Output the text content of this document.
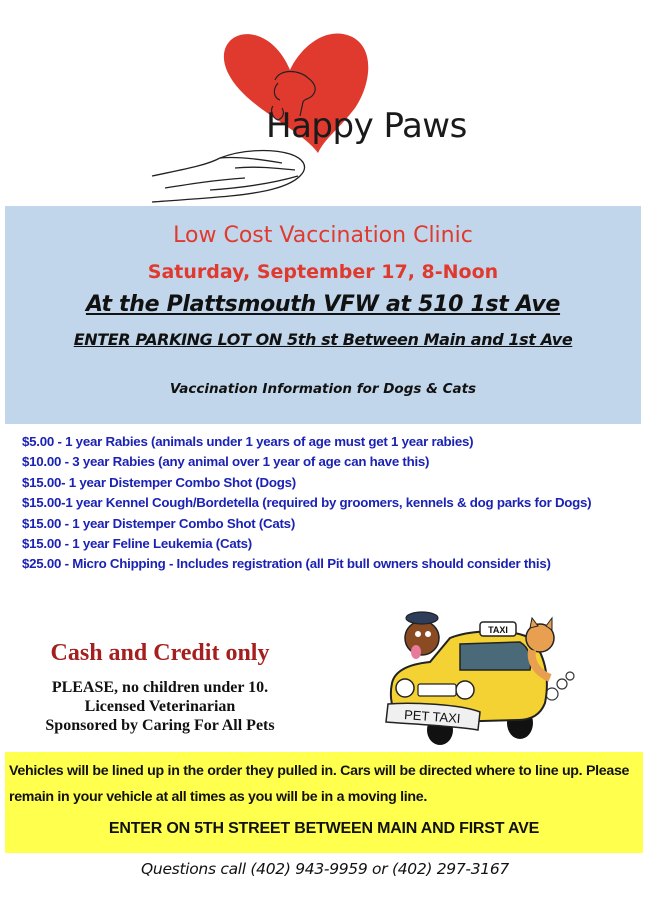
Happy Paws
Low Cost Vaccination Clinic
Saturday, September 17, 8-Noon
At the Plattsmouth VFW at 510 1st Ave
ENTER PARKING LOT ON 5th st Between Main and 1st Ave
Vaccination Information for Dogs & Cats
$5.00 - 1 year Rabies (animals under 1 years of age must get 1 year rabies)
$10.00 - 3 year Rabies (any animal over 1 year of age can have this)
$15.00- 1 year Distemper Combo Shot (Dogs)
$15.00-1 year Kennel Cough/Bordetella (required by groomers, kennels & dog parks for Dogs)
$15.00 - 1 year Distemper Combo Shot (Cats)
$15.00 - 1 year Feline Leukemia (Cats)
$25.00 - Micro Chipping - Includes registration (all Pit bull owners should consider this)
Cash and Credit only
PLEASE, no children under 10.
Licensed Veterinarian
Sponsored by Caring For All Pets
TAXI
PET TAXI
Vehicles will be lined up in the order they pulled in. Cars will be directed where to line up. Please remain in your vehicle at all times as you will be in a moving line.
ENTER ON 5TH STREET BETWEEN MAIN AND FIRST AVE
Questions call (402) 943-9959 or (402) 297-3167
